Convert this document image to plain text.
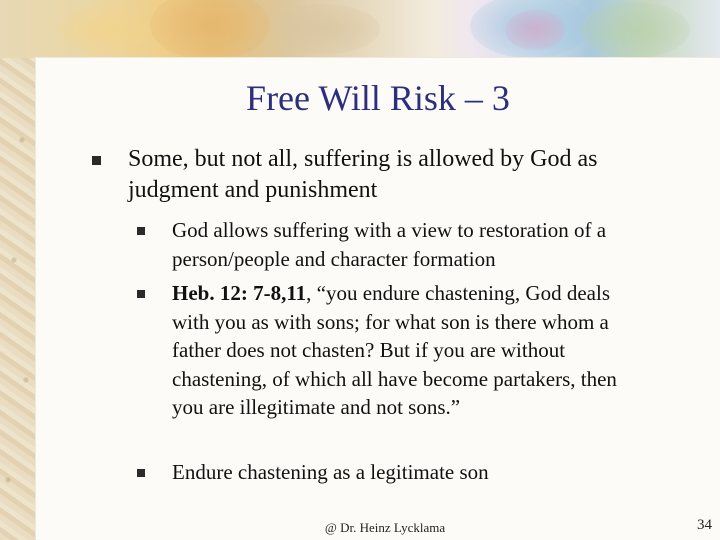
Free Will Risk – 3
Some, but not all, suffering is allowed by God as judgment and punishment
God allows suffering with a view to restoration of a person/people and character formation
Heb. 12: 7-8,11, “you endure chastening, God deals with you as with sons; for what son is there whom a father does not chasten? But if you are without chastening, of which all have become partakers, then you are illegitimate and not sons.”
Endure chastening as a legitimate son
@ Dr. Heinz Lycklama	34
